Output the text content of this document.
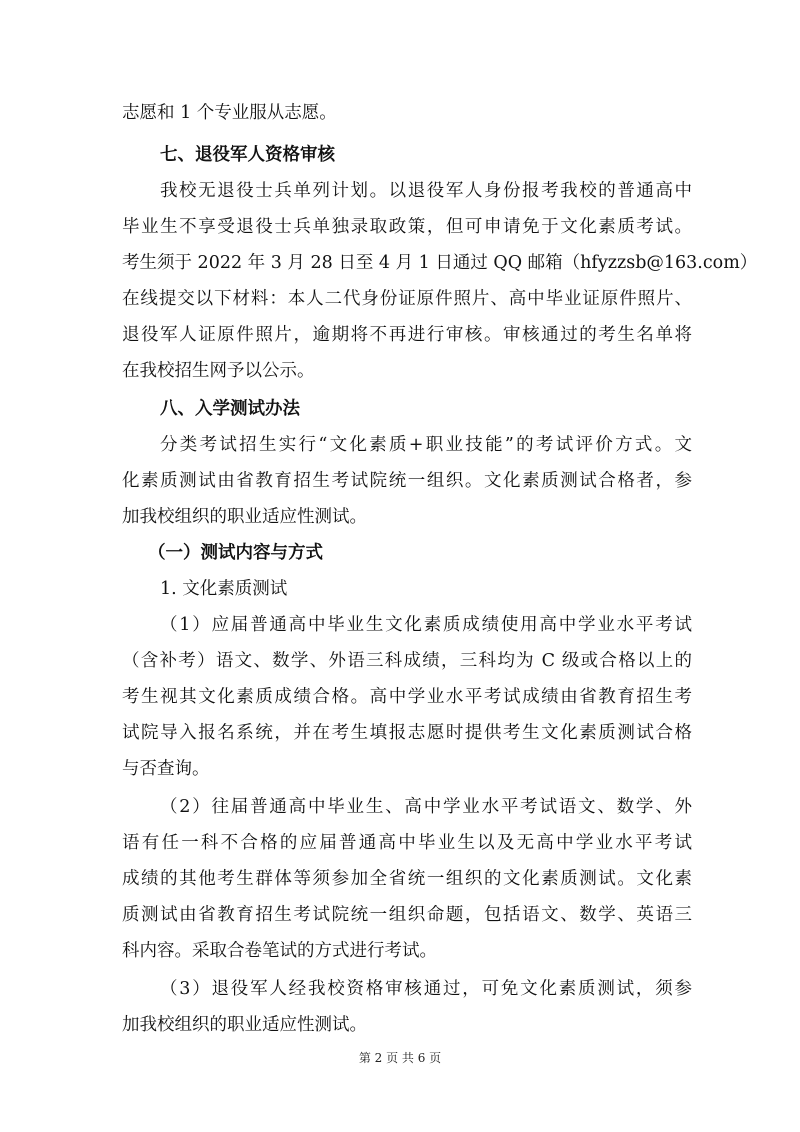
志愿和 1 个专业服从志愿。
七、退役军人资格审核
我校无退役士兵单列计划。以退役军人身份报考我校的普通高中
毕业生不享受退役士兵单独录取政策，但可申请免于文化素质考试。
考生须于 2022 年 3 月 28 日至 4 月 1 日通过 QQ 邮箱（hfyzzsb@163.com）
在线提交以下材料：本人二代身份证原件照片、高中毕业证原件照片、
退役军人证原件照片，逾期将不再进行审核。审核通过的考生名单将
在我校招生网予以公示。
八、入学测试办法
分类考试招生实行“文化素质+职业技能”的考试评价方式。文
化素质测试由省教育招生考试院统一组织。文化素质测试合格者，参
加我校组织的职业适应性测试。
（一）测试内容与方式
1. 文化素质测试
（1）应届普通高中毕业生文化素质成绩使用高中学业水平考试
（含补考）语文、数学、外语三科成绩，三科均为 C 级或合格以上的
考生视其文化素质成绩合格。高中学业水平考试成绩由省教育招生考
试院导入报名系统，并在考生填报志愿时提供考生文化素质测试合格
与否查询。
（2）往届普通高中毕业生、高中学业水平考试语文、数学、外
语有任一科不合格的应届普通高中毕业生以及无高中学业水平考试
成绩的其他考生群体等须参加全省统一组织的文化素质测试。文化素
质测试由省教育招生考试院统一组织命题，包括语文、数学、英语三
科内容。采取合卷笔试的方式进行考试。
（3）退役军人经我校资格审核通过，可免文化素质测试，须参
加我校组织的职业适应性测试。
第 2 页 共 6 页
